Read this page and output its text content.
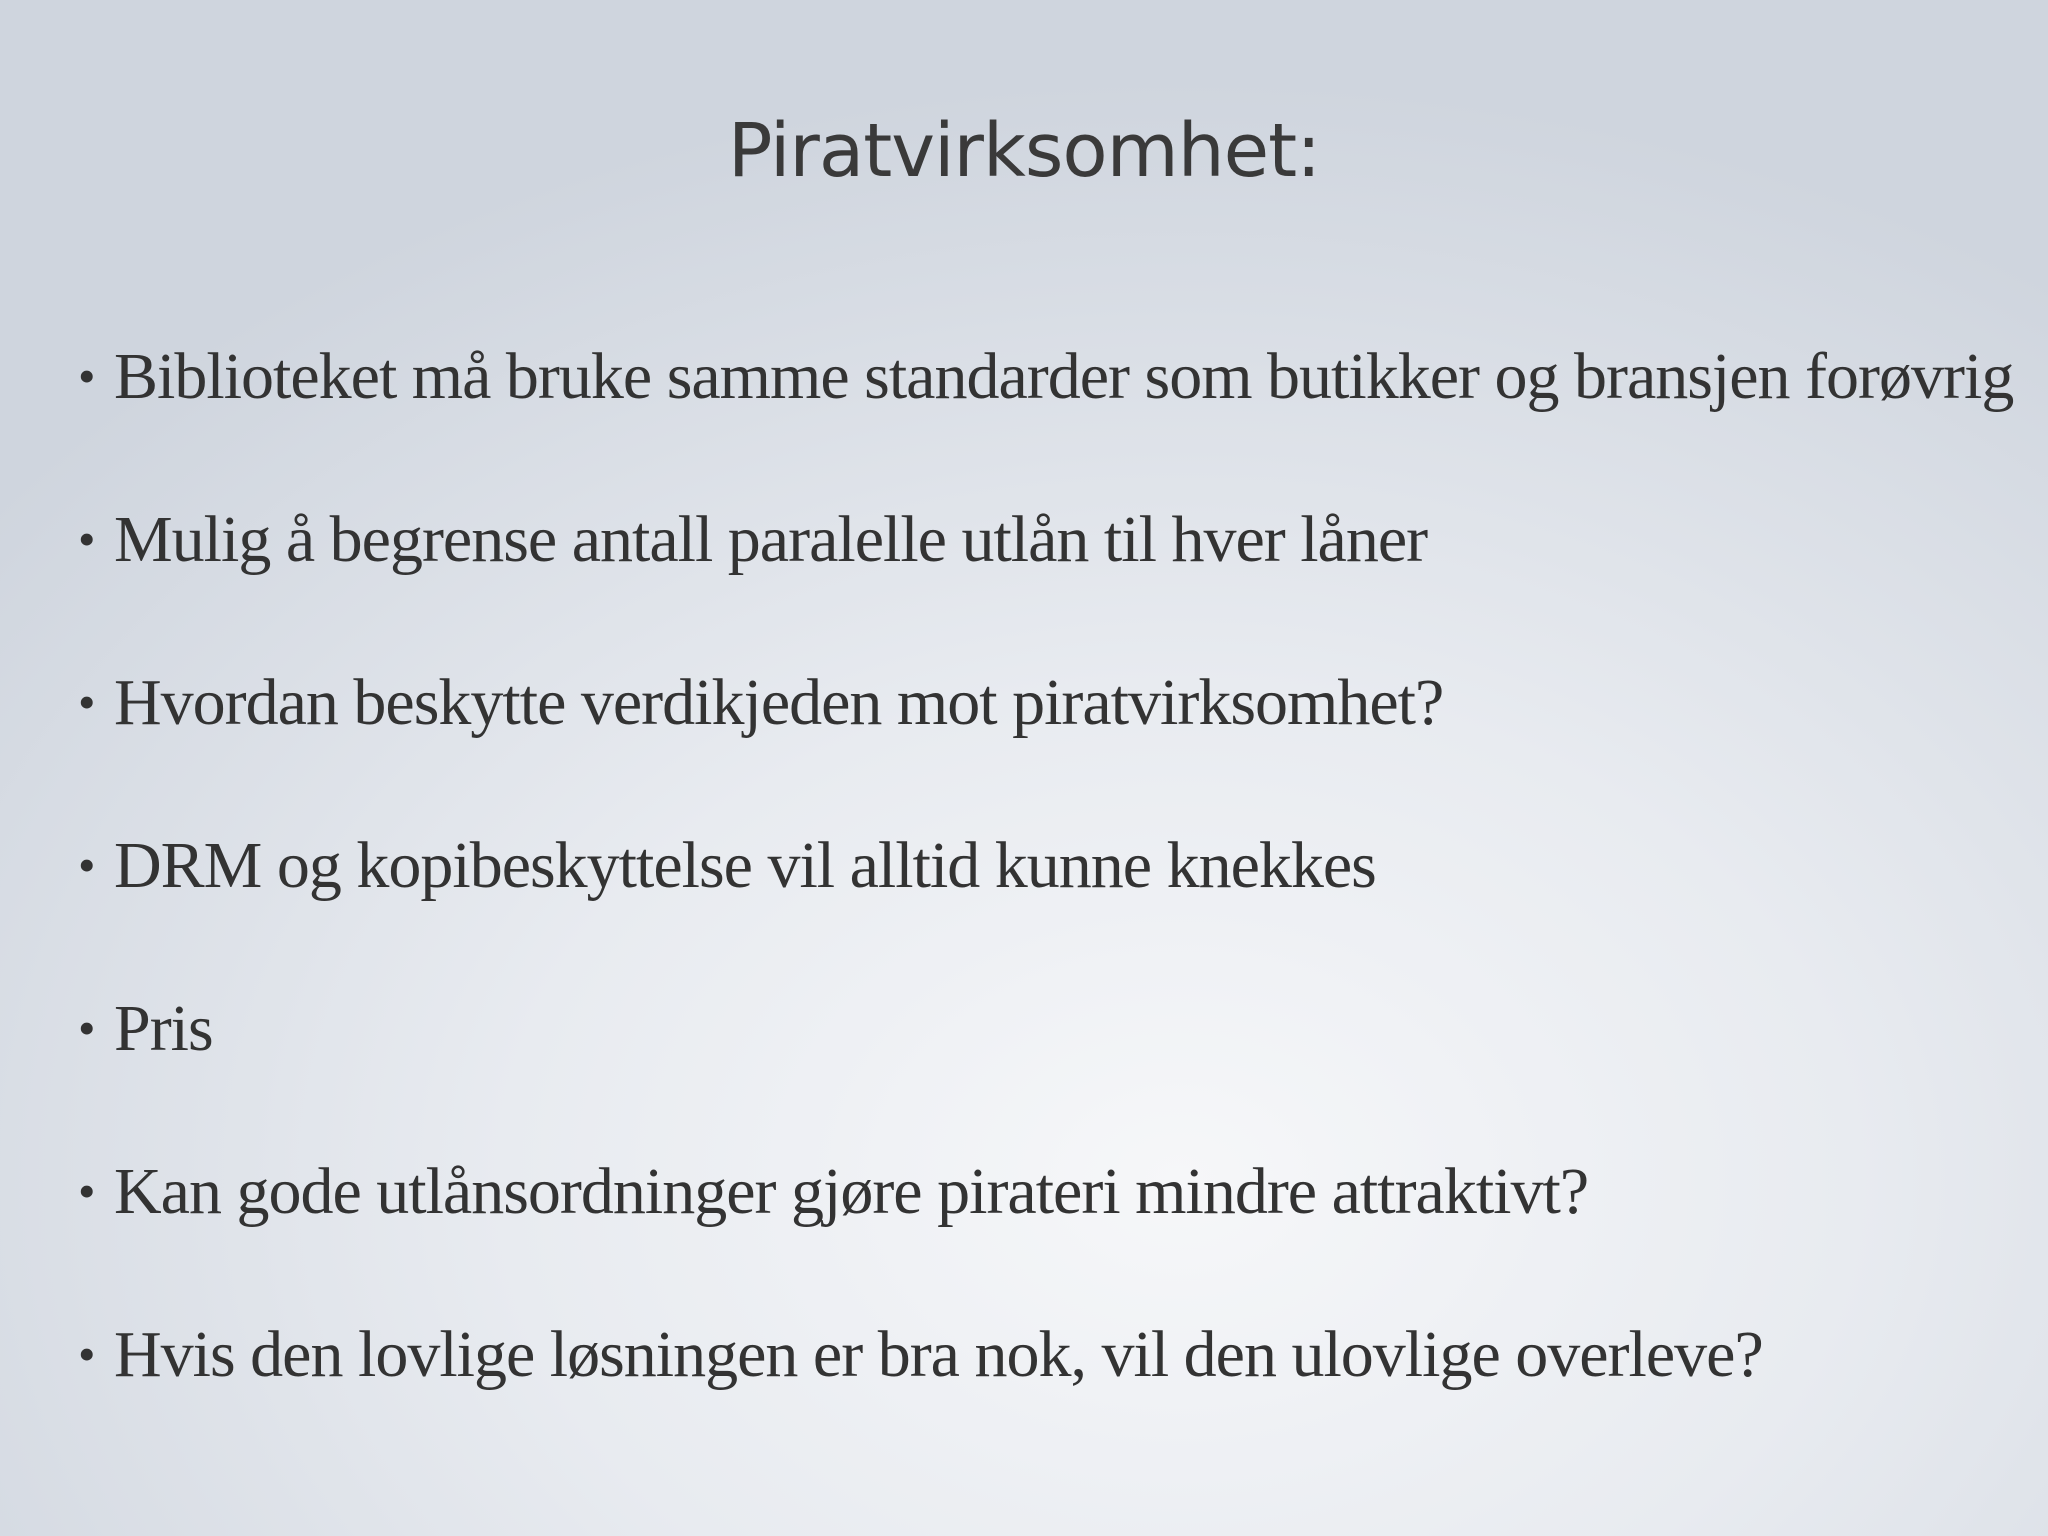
Piratvirksomhet:
• Biblioteket må bruke samme standarder som butikker og bransjen forøvrig
• Mulig å begrense antall paralelle utlån til hver låner
• Hvordan beskytte verdikjeden mot piratvirksomhet?
• DRM og kopibeskyttelse vil alltid kunne knekkes
• Pris
• Kan gode utlånsordninger gjøre pirateri mindre attraktivt?
• Hvis den lovlige løsningen er bra nok, vil den ulovlige overleve?
